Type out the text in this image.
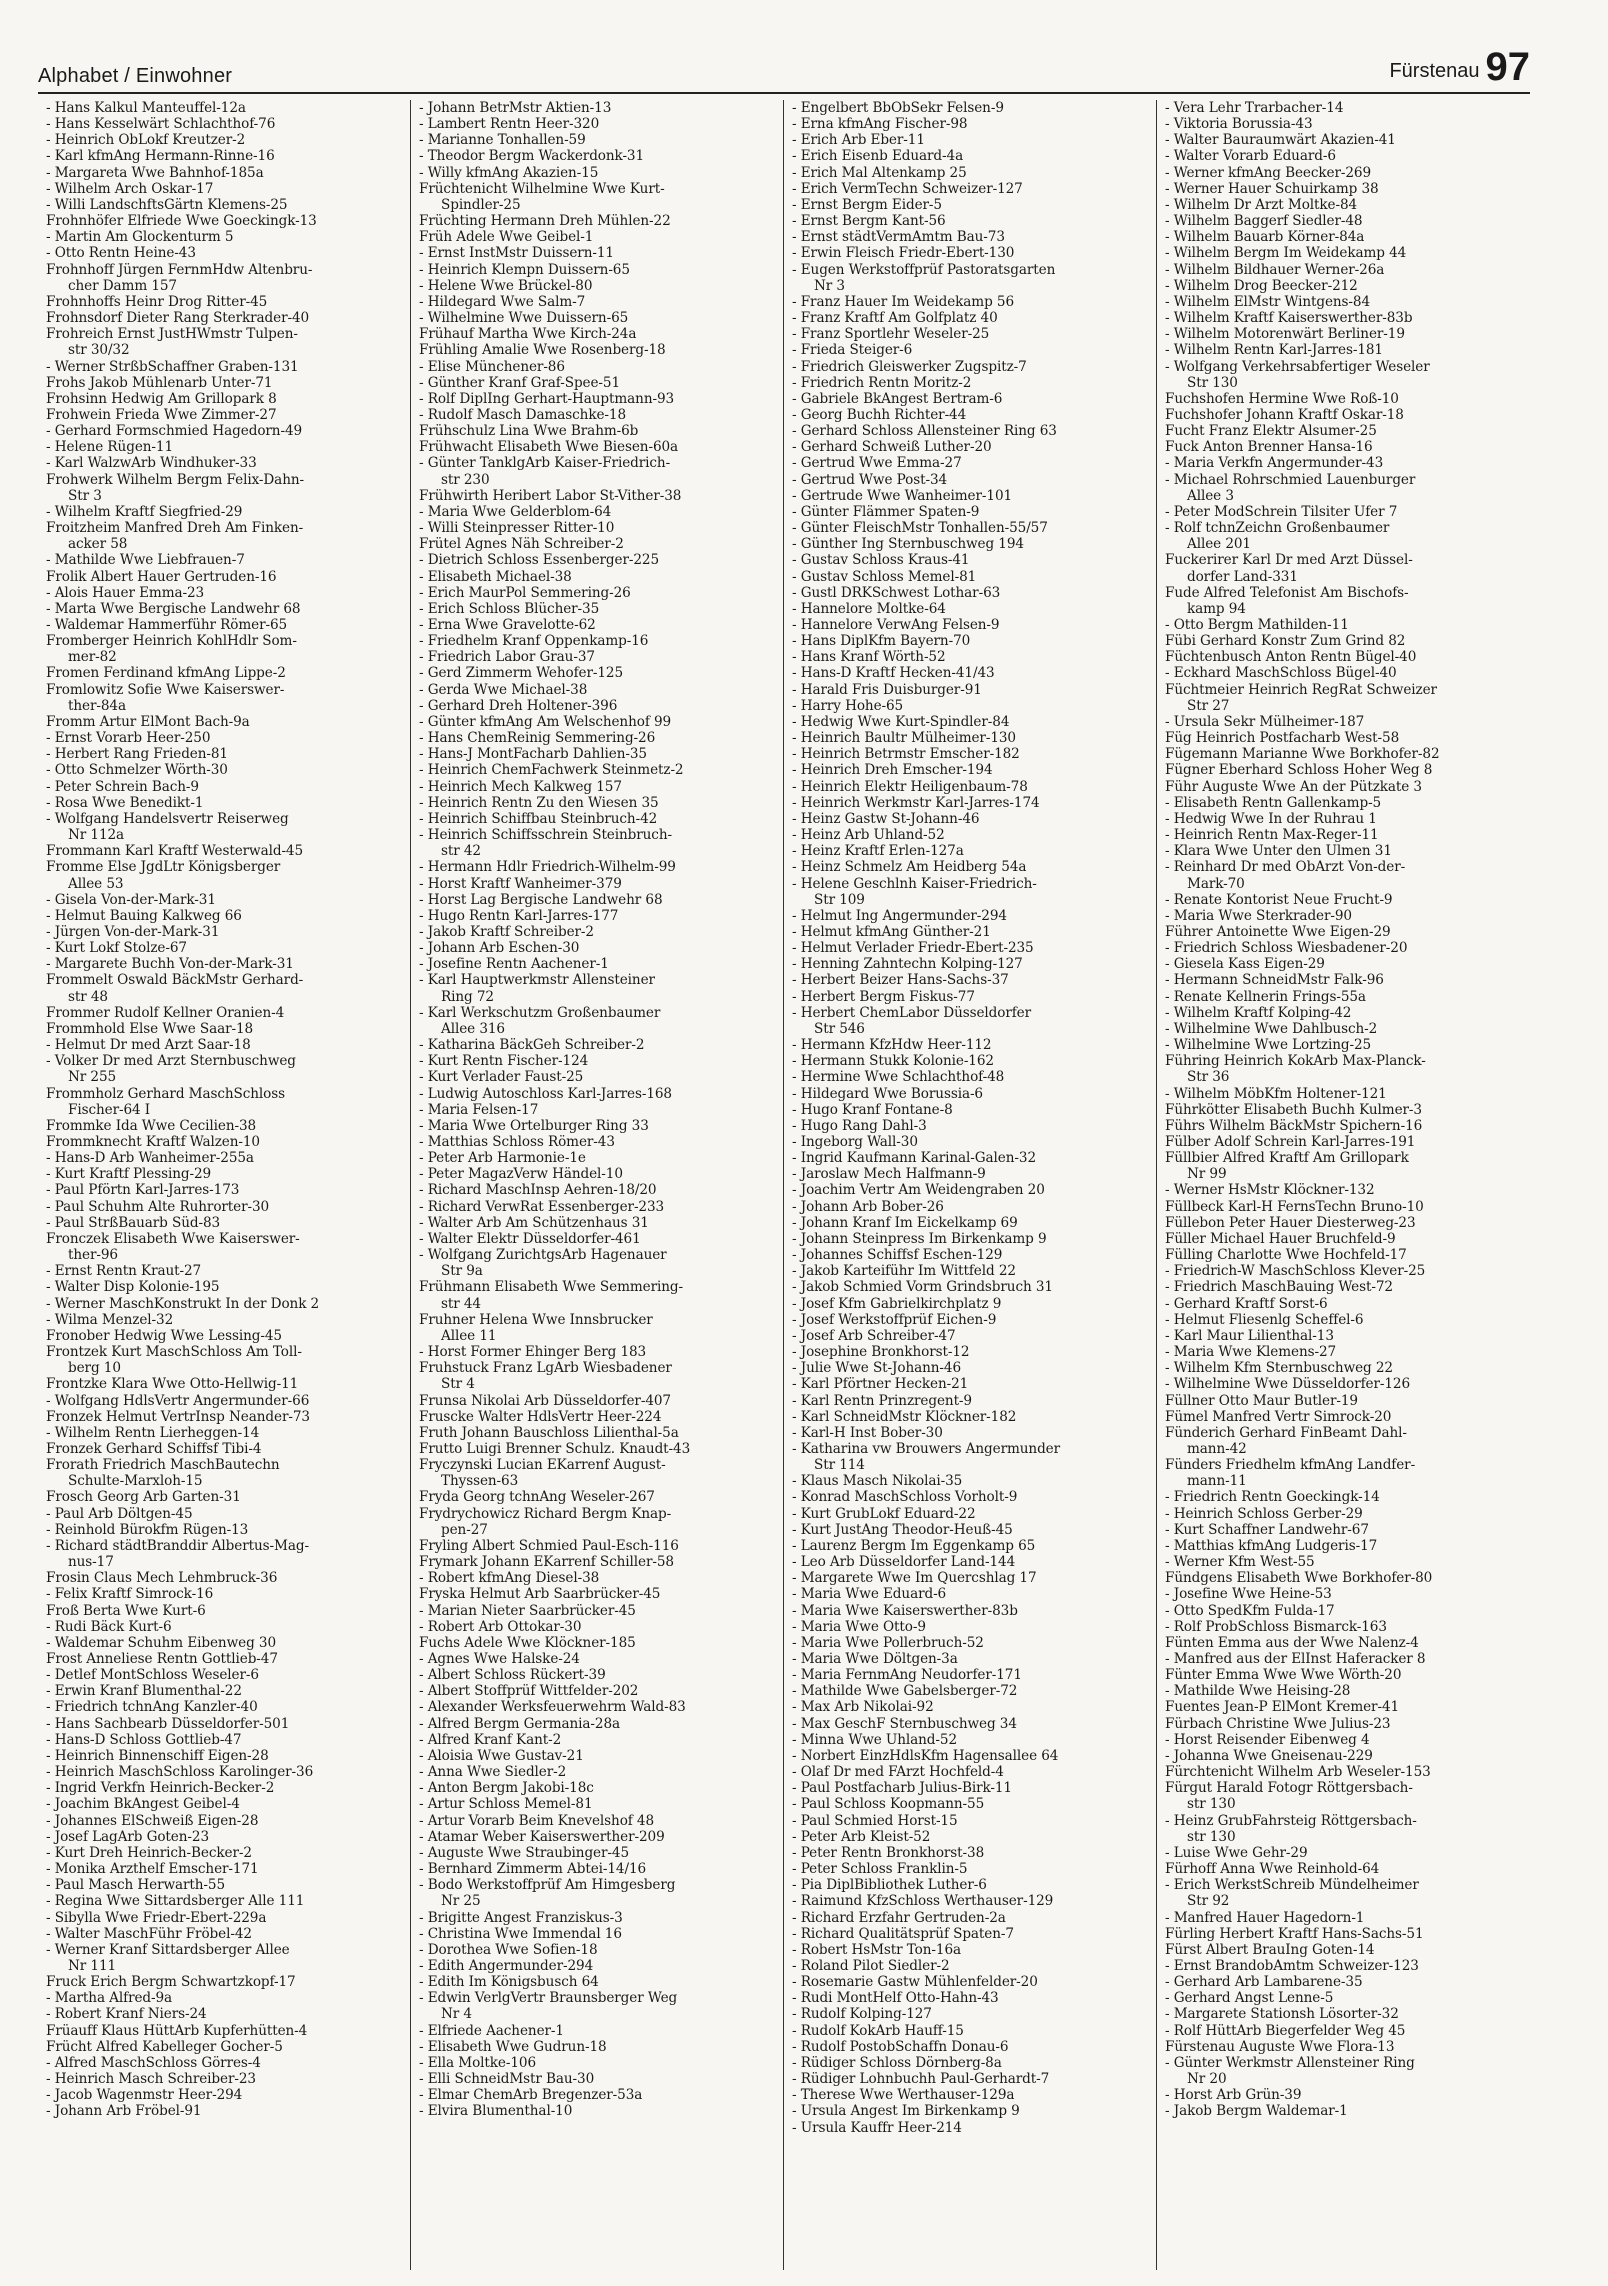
Alphabet / Einwohner	Fürstenau 97
- Hans Kalkul Manteuffel-12a
- Hans Kesselwärt Schlachthof-76
- Heinrich ObLokf Kreutzer-2
- Karl kfmAng Hermann-Rinne-16
- Margareta Wwe Bahnhof-185a
- Wilhelm Arch Oskar-17
- Willi LandschftsGärtn Klemens-25
Frohnhöfer Elfriede Wwe Goeckingk-13
- Martin Am Glockenturm 5
- Otto Rentn Heine-43
Frohnhoff Jürgen FernmHdw Altenbru-
cher Damm 157
Frohnhoffs Heinr Drog Ritter-45
Frohnsdorf Dieter Rang Sterkrader-40
Frohreich Ernst JustHWmstr Tulpen-
str 30/32
- Werner StrßbSchaffner Graben-131
Frohs Jakob Mühlenarb Unter-71
Frohsinn Hedwig Am Grillopark 8
Frohwein Frieda Wwe Zimmer-27
- Gerhard Formschmied Hagedorn-49
- Helene Rügen-11
- Karl WalzwArb Windhuker-33
Frohwerk Wilhelm Bergm Felix-Dahn-
Str 3
- Wilhelm Kraftf Siegfried-29
Froitzheim Manfred Dreh Am Finken-
acker 58
- Mathilde Wwe Liebfrauen-7
Frolik Albert Hauer Gertruden-16
- Alois Hauer Emma-23
- Marta Wwe Bergische Landwehr 68
- Waldemar Hammerführ Römer-65
Fromberger Heinrich KohlHdlr Som-
mer-82
Fromen Ferdinand kfmAng Lippe-2
Fromlowitz Sofie Wwe Kaiserswer-
ther-84a
Fromm Artur ElMont Bach-9a
- Ernst Vorarb Heer-250
- Herbert Rang Frieden-81
- Otto Schmelzer Wörth-30
- Peter Schrein Bach-9
- Rosa Wwe Benedikt-1
- Wolfgang Handelsvertr Reiserweg
Nr 112a
Frommann Karl Kraftf Westerwald-45
Fromme Else JgdLtr Königsberger
Allee 53
- Gisela Von-der-Mark-31
- Helmut Bauing Kalkweg 66
- Jürgen Von-der-Mark-31
- Kurt Lokf Stolze-67
- Margarete Buchh Von-der-Mark-31
Frommelt Oswald BäckMstr Gerhard-
str 48
Frommer Rudolf Kellner Oranien-4
Frommhold Else Wwe Saar-18
- Helmut Dr med Arzt Saar-18
- Volker Dr med Arzt Sternbuschweg
Nr 255
Frommholz Gerhard MaschSchloss
Fischer-64 I
Frommke Ida Wwe Cecilien-38
Frommknecht Kraftf Walzen-10
- Hans-D Arb Wanheimer-255a
- Kurt Kraftf Plessing-29
- Paul Pförtn Karl-Jarres-173
- Paul Schuhm Alte Ruhrorter-30
- Paul StrßBauarb Süd-83
Fronczek Elisabeth Wwe Kaiserswer-
ther-96
- Ernst Rentn Kraut-27
- Walter Disp Kolonie-195
- Werner MaschKonstrukt In der Donk 2
- Wilma Menzel-32
Fronober Hedwig Wwe Lessing-45
Frontzek Kurt MaschSchloss Am Toll-
berg 10
Frontzke Klara Wwe Otto-Hellwig-11
- Wolfgang HdlsVertr Angermunder-66
Fronzek Helmut VertrInsp Neander-73
- Wilhelm Rentn Lierheggen-14
Fronzek Gerhard Schiffsf Tibi-4
Frorath Friedrich MaschBautechn
Schulte-Marxloh-15
Frosch Georg Arb Garten-31
- Paul Arb Döltgen-45
- Reinhold Bürokfm Rügen-13
- Richard städtBranddir Albertus-Mag-
nus-17
Frosin Claus Mech Lehmbruck-36
- Felix Kraftf Simrock-16
Froß Berta Wwe Kurt-6
- Rudi Bäck Kurt-6
- Waldemar Schuhm Eibenweg 30
Frost Anneliese Rentn Gottlieb-47
- Detlef MontSchloss Weseler-6
- Erwin Kranf Blumenthal-22
- Friedrich tchnAng Kanzler-40
- Hans Sachbearb Düsseldorfer-501
- Hans-D Schloss Gottlieb-47
- Heinrich Binnenschiff Eigen-28
- Heinrich MaschSchloss Karolinger-36
- Ingrid Verkfn Heinrich-Becker-2
- Joachim BkAngest Geibel-4
- Johannes ElSchweiß Eigen-28
- Josef LagArb Goten-23
- Kurt Dreh Heinrich-Becker-2
- Monika Arzthelf Emscher-171
- Paul Masch Herwarth-55
- Regina Wwe Sittardsberger Alle 111
- Sibylla Wwe Friedr-Ebert-229a
- Walter MaschFühr Fröbel-42
- Werner Kranf Sittardsberger Allee
Nr 111
Fruck Erich Bergm Schwartzkopf-17
- Martha Alfred-9a
- Robert Kranf Niers-24
Früauff Klaus HüttArb Kupferhütten-4
Frücht Alfred Kabelleger Gocher-5
- Alfred MaschSchloss Görres-4
- Heinrich Masch Schreiber-23
- Jacob Wagenmstr Heer-294
- Johann Arb Fröbel-91
- Johann BetrMstr Aktien-13
- Lambert Rentn Heer-320
- Marianne Tonhallen-59
- Theodor Bergm Wackerdonk-31
- Willy kfmAng Akazien-15
Früchtenicht Wilhelmine Wwe Kurt-
Spindler-25
Früchting Hermann Dreh Mühlen-22
Früh Adele Wwe Geibel-1
- Ernst InstMstr Duissern-11
- Heinrich Klempn Duissern-65
- Helene Wwe Brückel-80
- Hildegard Wwe Salm-7
- Wilhelmine Wwe Duissern-65
Frühauf Martha Wwe Kirch-24a
Frühling Amalie Wwe Rosenberg-18
- Elise Münchener-86
- Günther Kranf Graf-Spee-51
- Rolf DiplIng Gerhart-Hauptmann-93
- Rudolf Masch Damaschke-18
Frühschulz Lina Wwe Brahm-6b
Frühwacht Elisabeth Wwe Biesen-60a
- Günter TanklgArb Kaiser-Friedrich-
str 230
Frühwirth Heribert Labor St-Vither-38
- Maria Wwe Gelderblom-64
- Willi Steinpresser Ritter-10
Frütel Agnes Näh Schreiber-2
- Dietrich Schloss Essenberger-225
- Elisabeth Michael-38
- Erich MaurPol Semmering-26
- Erich Schloss Blücher-35
- Erna Wwe Gravelotte-62
- Friedhelm Kranf Oppenkamp-16
- Friedrich Labor Grau-37
- Gerd Zimmerm Wehofer-125
- Gerda Wwe Michael-38
- Gerhard Dreh Holtener-396
- Günter kfmAng Am Welschenhof 99
- Hans ChemReinig Semmering-26
- Hans-J MontFacharb Dahlien-35
- Heinrich ChemFachwerk Steinmetz-2
- Heinrich Mech Kalkweg 157
- Heinrich Rentn Zu den Wiesen 35
- Heinrich Schiffbau Steinbruch-42
- Heinrich Schiffsschrein Steinbruch-
str 42
- Hermann Hdlr Friedrich-Wilhelm-99
- Horst Kraftf Wanheimer-379
- Horst Lag Bergische Landwehr 68
- Hugo Rentn Karl-Jarres-177
- Jakob Kraftf Schreiber-2
- Johann Arb Eschen-30
- Josefine Rentn Aachener-1
- Karl Hauptwerkmstr Allensteiner
Ring 72
- Karl Werkschutzm Großenbaumer
Allee 316
- Katharina BäckGeh Schreiber-2
- Kurt Rentn Fischer-124
- Kurt Verlader Faust-25
- Ludwig Autoschloss Karl-Jarres-168
- Maria Felsen-17
- Maria Wwe Ortelburger Ring 33
- Matthias Schloss Römer-43
- Peter Arb Harmonie-1e
- Peter MagazVerw Händel-10
- Richard MaschInsp Aehren-18/20
- Richard VerwRat Essenberger-233
- Walter Arb Am Schützenhaus 31
- Walter Elektr Düsseldorfer-461
- Wolfgang ZurichtgsArb Hagenauer
Str 9a
Frühmann Elisabeth Wwe Semmering-
str 44
Fruhner Helena Wwe Innsbrucker
Allee 11
- Horst Former Ehinger Berg 183
Fruhstuck Franz LgArb Wiesbadener
Str 4
Frunsa Nikolai Arb Düsseldorfer-407
Fruscke Walter HdlsVertr Heer-224
Fruth Johann Bauschloss Lilienthal-5a
Frutto Luigi Brenner Schulz. Knaudt-43
Fryczynski Lucian EKarrenf August-
Thyssen-63
Fryda Georg tchnAng Weseler-267
Frydrychowicz Richard Bergm Knap-
pen-27
Fryling Albert Schmied Paul-Esch-116
Frymark Johann EKarrenf Schiller-58
- Robert kfmAng Diesel-38
Fryska Helmut Arb Saarbrücker-45
- Marian Nieter Saarbrücker-45
- Robert Arb Ottokar-30
Fuchs Adele Wwe Klöckner-185
- Agnes Wwe Halske-24
- Albert Schloss Rückert-39
- Albert Stoffprüf Wittfelder-202
- Alexander Werksfeuerwehrm Wald-83
- Alfred Bergm Germania-28a
- Alfred Kranf Kant-2
- Aloisia Wwe Gustav-21
- Anna Wwe Siedler-2
- Anton Bergm Jakobi-18c
- Artur Schloss Memel-81
- Artur Vorarb Beim Knevelshof 48
- Atamar Weber Kaiserswerther-209
- Auguste Wwe Straubinger-45
- Bernhard Zimmerm Abtei-14/16
- Bodo Werkstoffprüf Am Himgesberg
Nr 25
- Brigitte Angest Franziskus-3
- Christina Wwe Immendal 16
- Dorothea Wwe Sofien-18
- Edith Angermunder-294
- Edith Im Königsbusch 64
- Edwin VerlgVertr Braunsberger Weg
Nr 4
- Elfriede Aachener-1
- Elisabeth Wwe Gudrun-18
- Ella Moltke-106
- Elli SchneidMstr Bau-30
- Elmar ChemArb Bregenzer-53a
- Elvira Blumenthal-10
- Engelbert BbObSekr Felsen-9
- Erna kfmAng Fischer-98
- Erich Arb Eber-11
- Erich Eisenb Eduard-4a
- Erich Mal Altenkamp 25
- Erich VermTechn Schweizer-127
- Ernst Bergm Eider-5
- Ernst Bergm Kant-56
- Ernst städtVermAmtm Bau-73
- Erwin Fleisch Friedr-Ebert-130
- Eugen Werkstoffprüf Pastoratsgarten
Nr 3
- Franz Hauer Im Weidekamp 56
- Franz Kraftf Am Golfplatz 40
- Franz Sportlehr Weseler-25
- Frieda Steiger-6
- Friedrich Gleiswerker Zugspitz-7
- Friedrich Rentn Moritz-2
- Gabriele BkAngest Bertram-6
- Georg Buchh Richter-44
- Gerhard Schloss Allensteiner Ring 63
- Gerhard Schweiß Luther-20
- Gertrud Wwe Emma-27
- Gertrud Wwe Post-34
- Gertrude Wwe Wanheimer-101
- Günter Flämmer Spaten-9
- Günter FleischMstr Tonhallen-55/57
- Günther Ing Sternbuschweg 194
- Gustav Schloss Kraus-41
- Gustav Schloss Memel-81
- Gustl DRKSchwest Lothar-63
- Hannelore Moltke-64
- Hannelore VerwAng Felsen-9
- Hans DiplKfm Bayern-70
- Hans Kranf Wörth-52
- Hans-D Kraftf Hecken-41/43
- Harald Fris Duisburger-91
- Harry Hohe-65
- Hedwig Wwe Kurt-Spindler-84
- Heinrich Baultr Mülheimer-130
- Heinrich Betrmstr Emscher-182
- Heinrich Dreh Emscher-194
- Heinrich Elektr Heiligenbaum-78
- Heinrich Werkmstr Karl-Jarres-174
- Heinz Gastw St-Johann-46
- Heinz Arb Uhland-52
- Heinz Kraftf Erlen-127a
- Heinz Schmelz Am Heidberg 54a
- Helene Geschlnh Kaiser-Friedrich-
Str 109
- Helmut Ing Angermunder-294
- Helmut kfmAng Günther-21
- Helmut Verlader Friedr-Ebert-235
- Henning Zahntechn Kolping-127
- Herbert Beizer Hans-Sachs-37
- Herbert Bergm Fiskus-77
- Herbert ChemLabor Düsseldorfer
Str 546
- Hermann KfzHdw Heer-112
- Hermann Stukk Kolonie-162
- Hermine Wwe Schlachthof-48
- Hildegard Wwe Borussia-6
- Hugo Kranf Fontane-8
- Hugo Rang Dahl-3
- Ingeborg Wall-30
- Ingrid Kaufmann Karinal-Galen-32
- Jaroslaw Mech Halfmann-9
- Joachim Vertr Am Weidengraben 20
- Johann Arb Bober-26
- Johann Kranf Im Eickelkamp 69
- Johann Steinpress Im Birkenkamp 9
- Johannes Schiffsf Eschen-129
- Jakob Karteiführ Im Wittfeld 22
- Jakob Schmied Vorm Grindsbruch 31
- Josef Kfm Gabrielkirchplatz 9
- Josef Werkstoffprüf Eichen-9
- Josef Arb Schreiber-47
- Josephine Bronkhorst-12
- Julie Wwe St-Johann-46
- Karl Pförtner Hecken-21
- Karl Rentn Prinzregent-9
- Karl SchneidMstr Klöckner-182
- Karl-H Inst Bober-30
- Katharina vw Brouwers Angermunder
Str 114
- Klaus Masch Nikolai-35
- Konrad MaschSchloss Vorholt-9
- Kurt GrubLokf Eduard-22
- Kurt JustAng Theodor-Heuß-45
- Laurenz Bergm Im Eggenkamp 65
- Leo Arb Düsseldorfer Land-144
- Margarete Wwe Im Quercshlag 17
- Maria Wwe Eduard-6
- Maria Wwe Kaiserswerther-83b
- Maria Wwe Otto-9
- Maria Wwe Pollerbruch-52
- Maria Wwe Döltgen-3a
- Maria FernmAng Neudorfer-171
- Mathilde Wwe Gabelsberger-72
- Max Arb Nikolai-92
- Max GeschF Sternbuschweg 34
- Minna Wwe Uhland-52
- Norbert EinzHdlsKfm Hagensallee 64
- Olaf Dr med FArzt Hochfeld-4
- Paul Postfacharb Julius-Birk-11
- Paul Schloss Koopmann-55
- Paul Schmied Horst-15
- Peter Arb Kleist-52
- Peter Rentn Bronkhorst-38
- Peter Schloss Franklin-5
- Pia DiplBibliothek Luther-6
- Raimund KfzSchloss Werthauser-129
- Richard Erzfahr Gertruden-2a
- Richard Qualitätsprüf Spaten-7
- Robert HsMstr Ton-16a
- Roland Pilot Siedler-2
- Rosemarie Gastw Mühlenfelder-20
- Rudi MontHelf Otto-Hahn-43
- Rudolf Kolping-127
- Rudolf KokArb Hauff-15
- Rudolf PostobSchaffn Donau-6
- Rüdiger Schloss Dörnberg-8a
- Rüdiger Lohnbuchh Paul-Gerhardt-7
- Therese Wwe Werthauser-129a
- Ursula Angest Im Birkenkamp 9
- Ursula Kauffr Heer-214
- Vera Lehr Trarbacher-14
- Viktoria Borussia-43
- Walter Bauraumwärt Akazien-41
- Walter Vorarb Eduard-6
- Werner kfmAng Beecker-269
- Werner Hauer Schuirkamp 38
- Wilhelm Dr Arzt Moltke-84
- Wilhelm Baggerf Siedler-48
- Wilhelm Bauarb Körner-84a
- Wilhelm Bergm Im Weidekamp 44
- Wilhelm Bildhauer Werner-26a
- Wilhelm Drog Beecker-212
- Wilhelm ElMstr Wintgens-84
- Wilhelm Kraftf Kaiserswerther-83b
- Wilhelm Motorenwärt Berliner-19
- Wilhelm Rentn Karl-Jarres-181
- Wolfgang Verkehrsabfertiger Weseler
Str 130
Fuchshofen Hermine Wwe Roß-10
Fuchshofer Johann Kraftf Oskar-18
Fucht Franz Elektr Alsumer-25
Fuck Anton Brenner Hansa-16
- Maria Verkfn Angermunder-43
- Michael Rohrschmied Lauenburger
Allee 3
- Peter ModSchrein Tilsiter Ufer 7
- Rolf tchnZeichn Großenbaumer
Allee 201
Fuckerirer Karl Dr med Arzt Düssel-
dorfer Land-331
Fude Alfred Telefonist Am Bischofs-
kamp 94
- Otto Bergm Mathilden-11
Fübi Gerhard Konstr Zum Grind 82
Füchtenbusch Anton Rentn Bügel-40
- Eckhard MaschSchloss Bügel-40
Füchtmeier Heinrich RegRat Schweizer
Str 27
- Ursula Sekr Mülheimer-187
Füg Heinrich Postfacharb West-58
Fügemann Marianne Wwe Borkhofer-82
Fügner Eberhard Schloss Hoher Weg 8
Führ Auguste Wwe An der Pützkate 3
- Elisabeth Rentn Gallenkamp-5
- Hedwig Wwe In der Ruhrau 1
- Heinrich Rentn Max-Reger-11
- Klara Wwe Unter den Ulmen 31
- Reinhard Dr med ObArzt Von-der-
Mark-70
- Renate Kontorist Neue Frucht-9
- Maria Wwe Sterkrader-90
Führer Antoinette Wwe Eigen-29
- Friedrich Schloss Wiesbadener-20
- Giesela Kass Eigen-29
- Hermann SchneidMstr Falk-96
- Renate Kellnerin Frings-55a
- Wilhelm Kraftf Kolping-42
- Wilhelmine Wwe Dahlbusch-2
- Wilhelmine Wwe Lortzing-25
Führing Heinrich KokArb Max-Planck-
Str 36
- Wilhelm MöbKfm Holtener-121
Führkötter Elisabeth Buchh Kulmer-3
Führs Wilhelm BäckMstr Spichern-16
Fülber Adolf Schrein Karl-Jarres-191
Füllbier Alfred Kraftf Am Grillopark
Nr 99
- Werner HsMstr Klöckner-132
Füllbeck Karl-H FernsTechn Bruno-10
Füllebon Peter Hauer Diesterweg-23
Füller Michael Hauer Bruchfeld-9
Fülling Charlotte Wwe Hochfeld-17
- Friedrich-W MaschSchloss Klever-25
- Friedrich MaschBauing West-72
- Gerhard Kraftf Sorst-6
- Helmut Fliesenlg Scheffel-6
- Karl Maur Lilienthal-13
- Maria Wwe Klemens-27
- Wilhelm Kfm Sternbuschweg 22
- Wilhelmine Wwe Düsseldorfer-126
Füllner Otto Maur Butler-19
Fümel Manfred Vertr Simrock-20
Fünderich Gerhard FinBeamt Dahl-
mann-42
Fünders Friedhelm kfmAng Landfer-
mann-11
- Friedrich Rentn Goeckingk-14
- Heinrich Schloss Gerber-29
- Kurt Schaffner Landwehr-67
- Matthias kfmAng Ludgeris-17
- Werner Kfm West-55
Fündgens Elisabeth Wwe Borkhofer-80
- Josefine Wwe Heine-53
- Otto SpedKfm Fulda-17
- Rolf ProbSchloss Bismarck-163
Fünten Emma aus der Wwe Nalenz-4
- Manfred aus der ElInst Haferacker 8
Fünter Emma Wwe Wwe Wörth-20
- Mathilde Wwe Heising-28
Fuentes Jean-P ElMont Kremer-41
Fürbach Christine Wwe Julius-23
- Horst Reisender Eibenweg 4
- Johanna Wwe Gneisenau-229
Fürchtenicht Wilhelm Arb Weseler-153
Fürgut Harald Fotogr Röttgersbach-
str 130
- Heinz GrubFahrsteig Röttgersbach-
str 130
- Luise Wwe Gehr-29
Fürhoff Anna Wwe Reinhold-64
- Erich WerkstSchreib Mündelheimer
Str 92
- Manfred Hauer Hagedorn-1
Fürling Herbert Kraftf Hans-Sachs-51
Fürst Albert BrauIng Goten-14
- Ernst BrandobAmtm Schweizer-123
- Gerhard Arb Lambarene-35
- Gerhard Angst Lenne-5
- Margarete Stationsh Lösorter-32
- Rolf HüttArb Biegerfelder Weg 45
Fürstenau Auguste Wwe Flora-13
- Günter Werkmstr Allensteiner Ring
Nr 20
- Horst Arb Grün-39
- Jakob Bergm Waldemar-1
